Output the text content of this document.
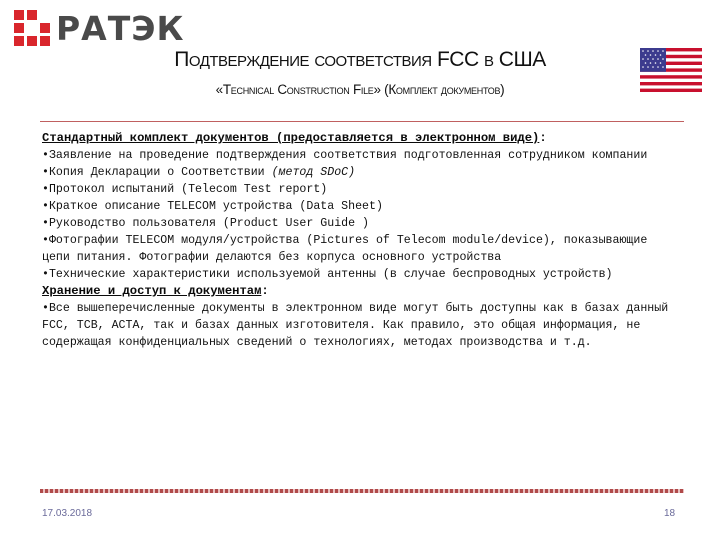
РАТЭК
Подтверждение соответствия FCC в США
«Technical Construction File» (Комплект документов)

Стандартный комплект документов (предоставляется в электронном виде):

•Заявление на проведение подтверждения соответствия подготовленная сотрудником компании

•Копия Декларации о Соответствии (метод SDoC)

•Протокол испытаний (Telecom Test report)

•Краткое описание TELECOM устройства (Data Sheet)

•Руководство пользователя (Product User Guide )

•Фотографии TELECOM модуля/устройства (Pictures of Telecom module/device), показывающие цепи питания. Фотографии делаются без корпуса основного устройства

•Технические характеристики используемой антенны (в случае беспроводных устройств)

Хранение и доступ к документам:

•Все вышеперечисленные документы в электронном виде могут быть доступны как в базах данный FCC, TCB, ACTA, так и базах данных изготовителя. Как правило, это общая информация, не содержащая конфиденциальных сведений о технологиях, методах производства и т.д.

17.03.2018	18
